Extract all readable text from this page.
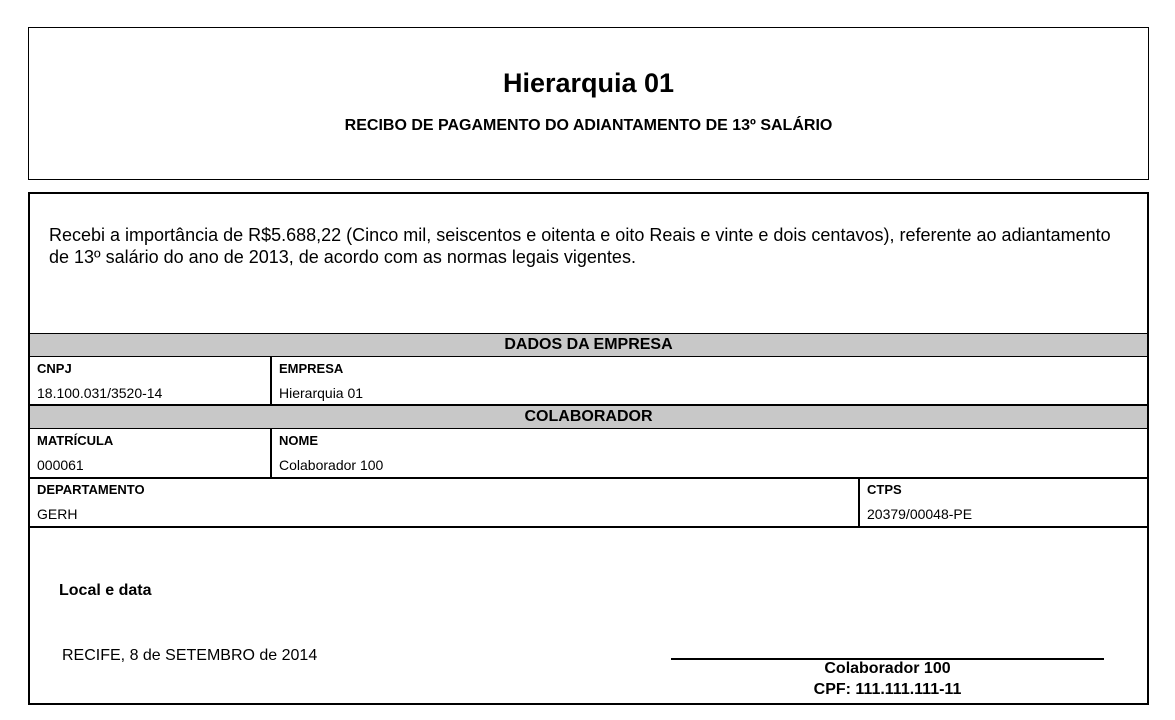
Hierarquia 01
RECIBO DE PAGAMENTO DO ADIANTAMENTO DE 13º SALÁRIO
Recebi a importância de R$5.688,22 (Cinco mil, seiscentos e oitenta e oito Reais e vinte e dois centavos), referente ao adiantamento de 13º salário do ano de 2013, de acordo com as normas legais vigentes.
DADOS DA EMPRESA
CNPJ
18.100.031/3520-14
EMPRESA
Hierarquia 01
COLABORADOR
MATRÍCULA
000061
NOME
Colaborador 100
DEPARTAMENTO
GERH
CTPS
20379/00048-PE
Local e data
RECIFE, 8 de SETEMBRO de 2014
Colaborador 100
CPF: 111.111.111-11
